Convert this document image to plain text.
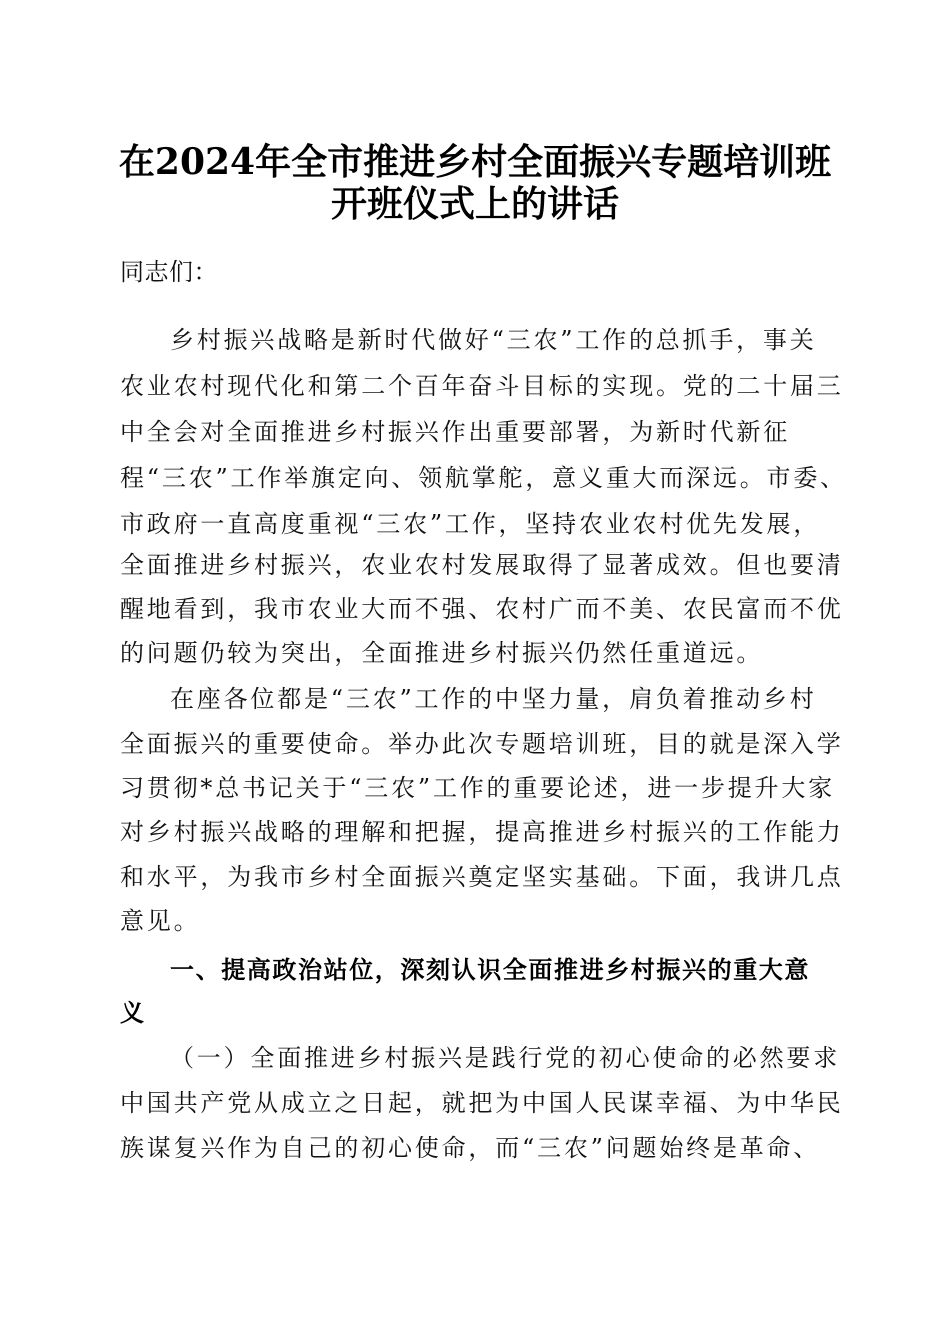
在2024年全市推进乡村全面振兴专题培训班
开班仪式上的讲话
同志们：
乡村振兴战略是新时代做好“三农”工作的总抓手，事关
农业农村现代化和第二个百年奋斗目标的实现。党的二十届三
中全会对全面推进乡村振兴作出重要部署，为新时代新征
程“三农”工作举旗定向、领航掌舵，意义重大而深远。市委、
市政府一直高度重视“三农”工作，坚持农业农村优先发展，
全面推进乡村振兴，农业农村发展取得了显著成效。但也要清
醒地看到，我市农业大而不强、农村广而不美、农民富而不优
的问题仍较为突出，全面推进乡村振兴仍然任重道远。
在座各位都是“三农”工作的中坚力量，肩负着推动乡村
全面振兴的重要使命。举办此次专题培训班，目的就是深入学
习贯彻*总书记关于“三农”工作的重要论述，进一步提升大家
对乡村振兴战略的理解和把握，提高推进乡村振兴的工作能力
和水平，为我市乡村全面振兴奠定坚实基础。下面，我讲几点
意见。
一、提高政治站位，深刻认识全面推进乡村振兴的重大意
义
（一）全面推进乡村振兴是践行党的初心使命的必然要求
中国共产党从成立之日起，就把为中国人民谋幸福、为中华民
族谋复兴作为自己的初心使命，而“三农”问题始终是革命、
